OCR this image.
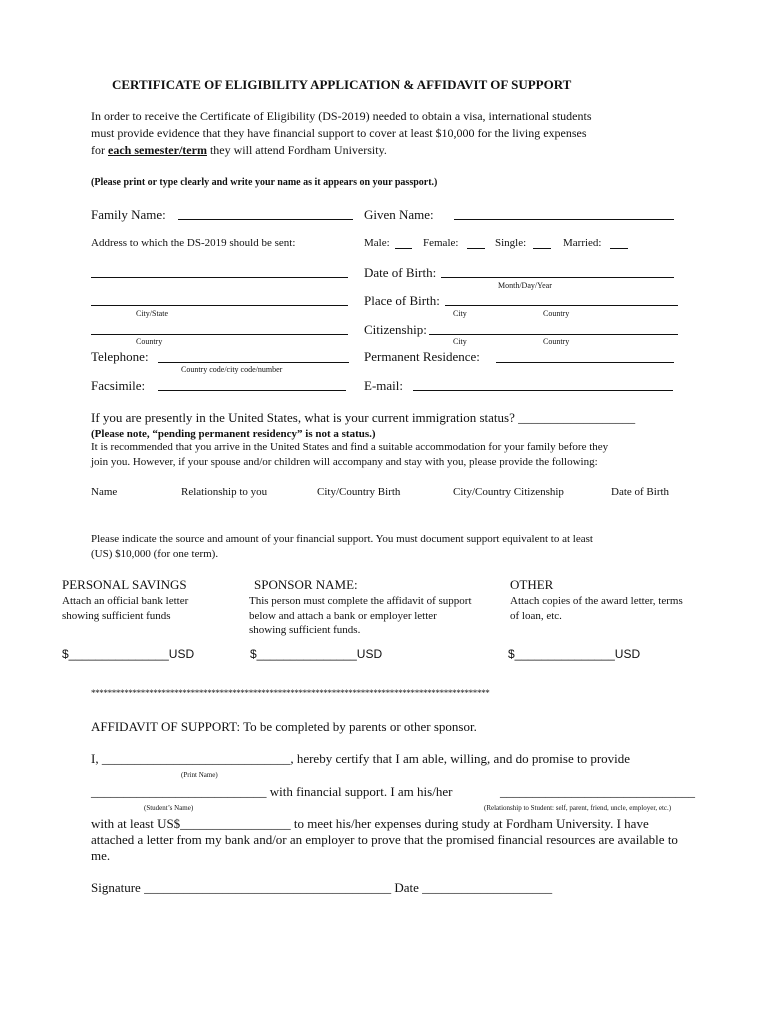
CERTIFICATE OF ELIGIBILITY APPLICATION & AFFIDAVIT OF SUPPORT
In order to receive the Certificate of Eligibility (DS-2019) needed to obtain a visa, international students
must provide evidence that they have financial support to cover at least $10,000 for the living expenses
for each semester/term they will attend Fordham University.
(Please print or type clearly and write your name as it appears on your passport.)
Family Name:	Given Name:
Address to which the DS-2019 should be sent:	Male:	Female:	Single:	Married:
Date of Birth:
Month/Day/Year
Place of Birth:
City/State	City	Country
Citizenship:
Country	City	Country
Telephone:	Permanent Residence:
Country code/city code/number
Facsimile:	E-mail:
If you are presently in the United States, what is your current immigration status? __________________
(Please note, “pending permanent residency” is not a status.)
It is recommended that you arrive in the United States and find a suitable accommodation for your family before they
join you. However, if your spouse and/or children will accompany and stay with you, please provide the following:
Name	Relationship to you	City/Country Birth	City/Country Citizenship	Date of Birth
Please indicate the source and amount of your financial support. You must document support equivalent to at least
(US) $10,000 (for one term).
PERSONAL SAVINGS
Attach an official bank letter
showing sufficient funds
$_______________USD
SPONSOR NAME:
This person must complete the affidavit of support
below and attach a bank or employer letter
showing sufficient funds.
$_______________USD
OTHER
Attach copies of the award letter, terms
of loan, etc.
$_______________USD
************************************************************************************************
AFFIDAVIT OF SUPPORT: To be completed by parents or other sponsor.
I, _____________________________, hereby certify that I am able, willing, and do promise to provide
(Print Name)
___________________________ with financial support. I am his/her	______________________________
(Student’s Name)	(Relationship to Student: self, parent, friend, uncle, employer, etc.)
with at least US$_________________ to meet his/her expenses during study at Fordham University. I have
attached a letter from my bank and/or an employer to prove that the promised financial resources are available to
me.
Signature ______________________________________ Date ____________________
